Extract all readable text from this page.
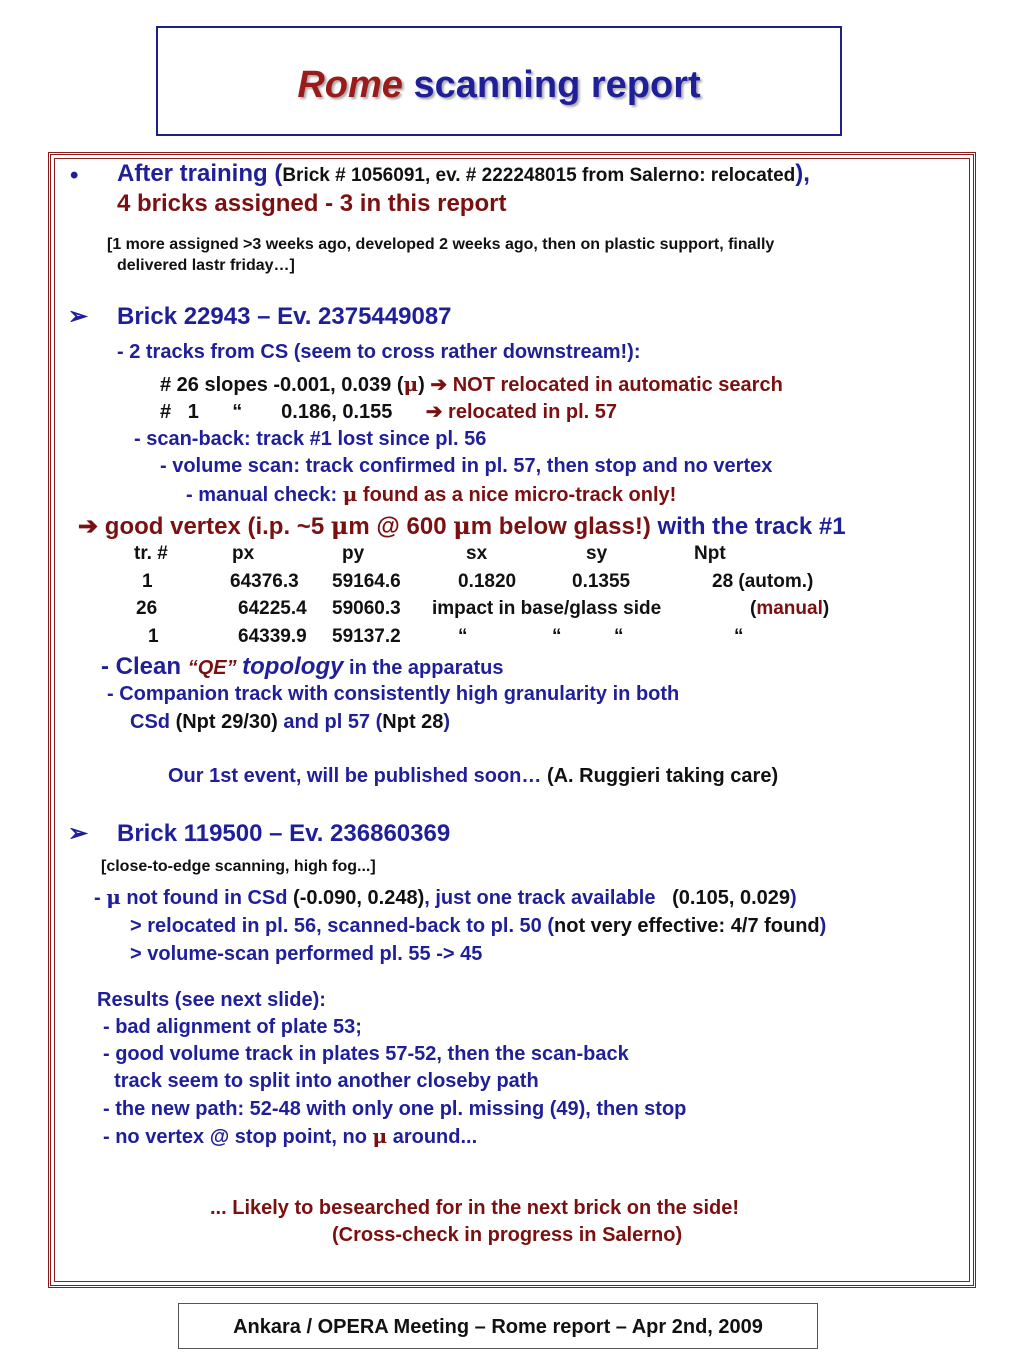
Rome scanning report
• After training (Brick # 1056091, ev. # 222248015 from Salerno: relocated),
4 bricks assigned - 3 in this report
[1 more assigned >3 weeks ago, developed 2 weeks ago, then on plastic support, finally
delivered lastr friday…]
➢ Brick 22943 – Ev. 2375449087
- 2 tracks from CS (seem to cross rather downstream!):
# 26 slopes -0.001, 0.039 (μ) ➔ NOT relocated in automatic search
#   1      “       0.186, 0.155 ➔ relocated in pl. 57
- scan-back: track #1 lost since pl. 56
- volume scan: track confirmed in pl. 57, then stop and no vertex
- manual check: μ found as a nice micro-track only!
➔ good vertex (i.p. ~5 μm @ 600 μm below glass!) with the track #1
tr. #	px	py	sx	sy	Npt
1	64376.3 59164.6	0.1820	0.1355	28 (autom.)
26	64225.4 59060.3 impact in base/glass side	(manual)
1	64339.9 59137.2	“	“	“	“
- Clean “QE” topology in the apparatus
- Companion track with consistently high granularity in both
CSd (Npt 29/30) and pl 57 (Npt 28)
Our 1st event, will be published soon… (A. Ruggieri taking care)
➢ Brick 119500 – Ev. 236860369
[close-to-edge scanning, high fog...]
- μ not found in CSd (-0.090, 0.248), just one track available (0.105, 0.029)
> relocated in pl. 56, scanned-back to pl. 50 (not very effective: 4/7 found)
> volume-scan performed pl. 55 -> 45
Results (see next slide):
- bad alignment of plate 53;
- good volume track in plates 57-52, then the scan-back
track seem to split into another closeby path
- the new path: 52-48 with only one pl. missing (49), then stop
- no vertex @ stop point, no μ around...
... Likely to besearched for in the next brick on the side!
(Cross-check in progress in Salerno)
Ankara / OPERA Meeting – Rome report – Apr 2nd, 2009
